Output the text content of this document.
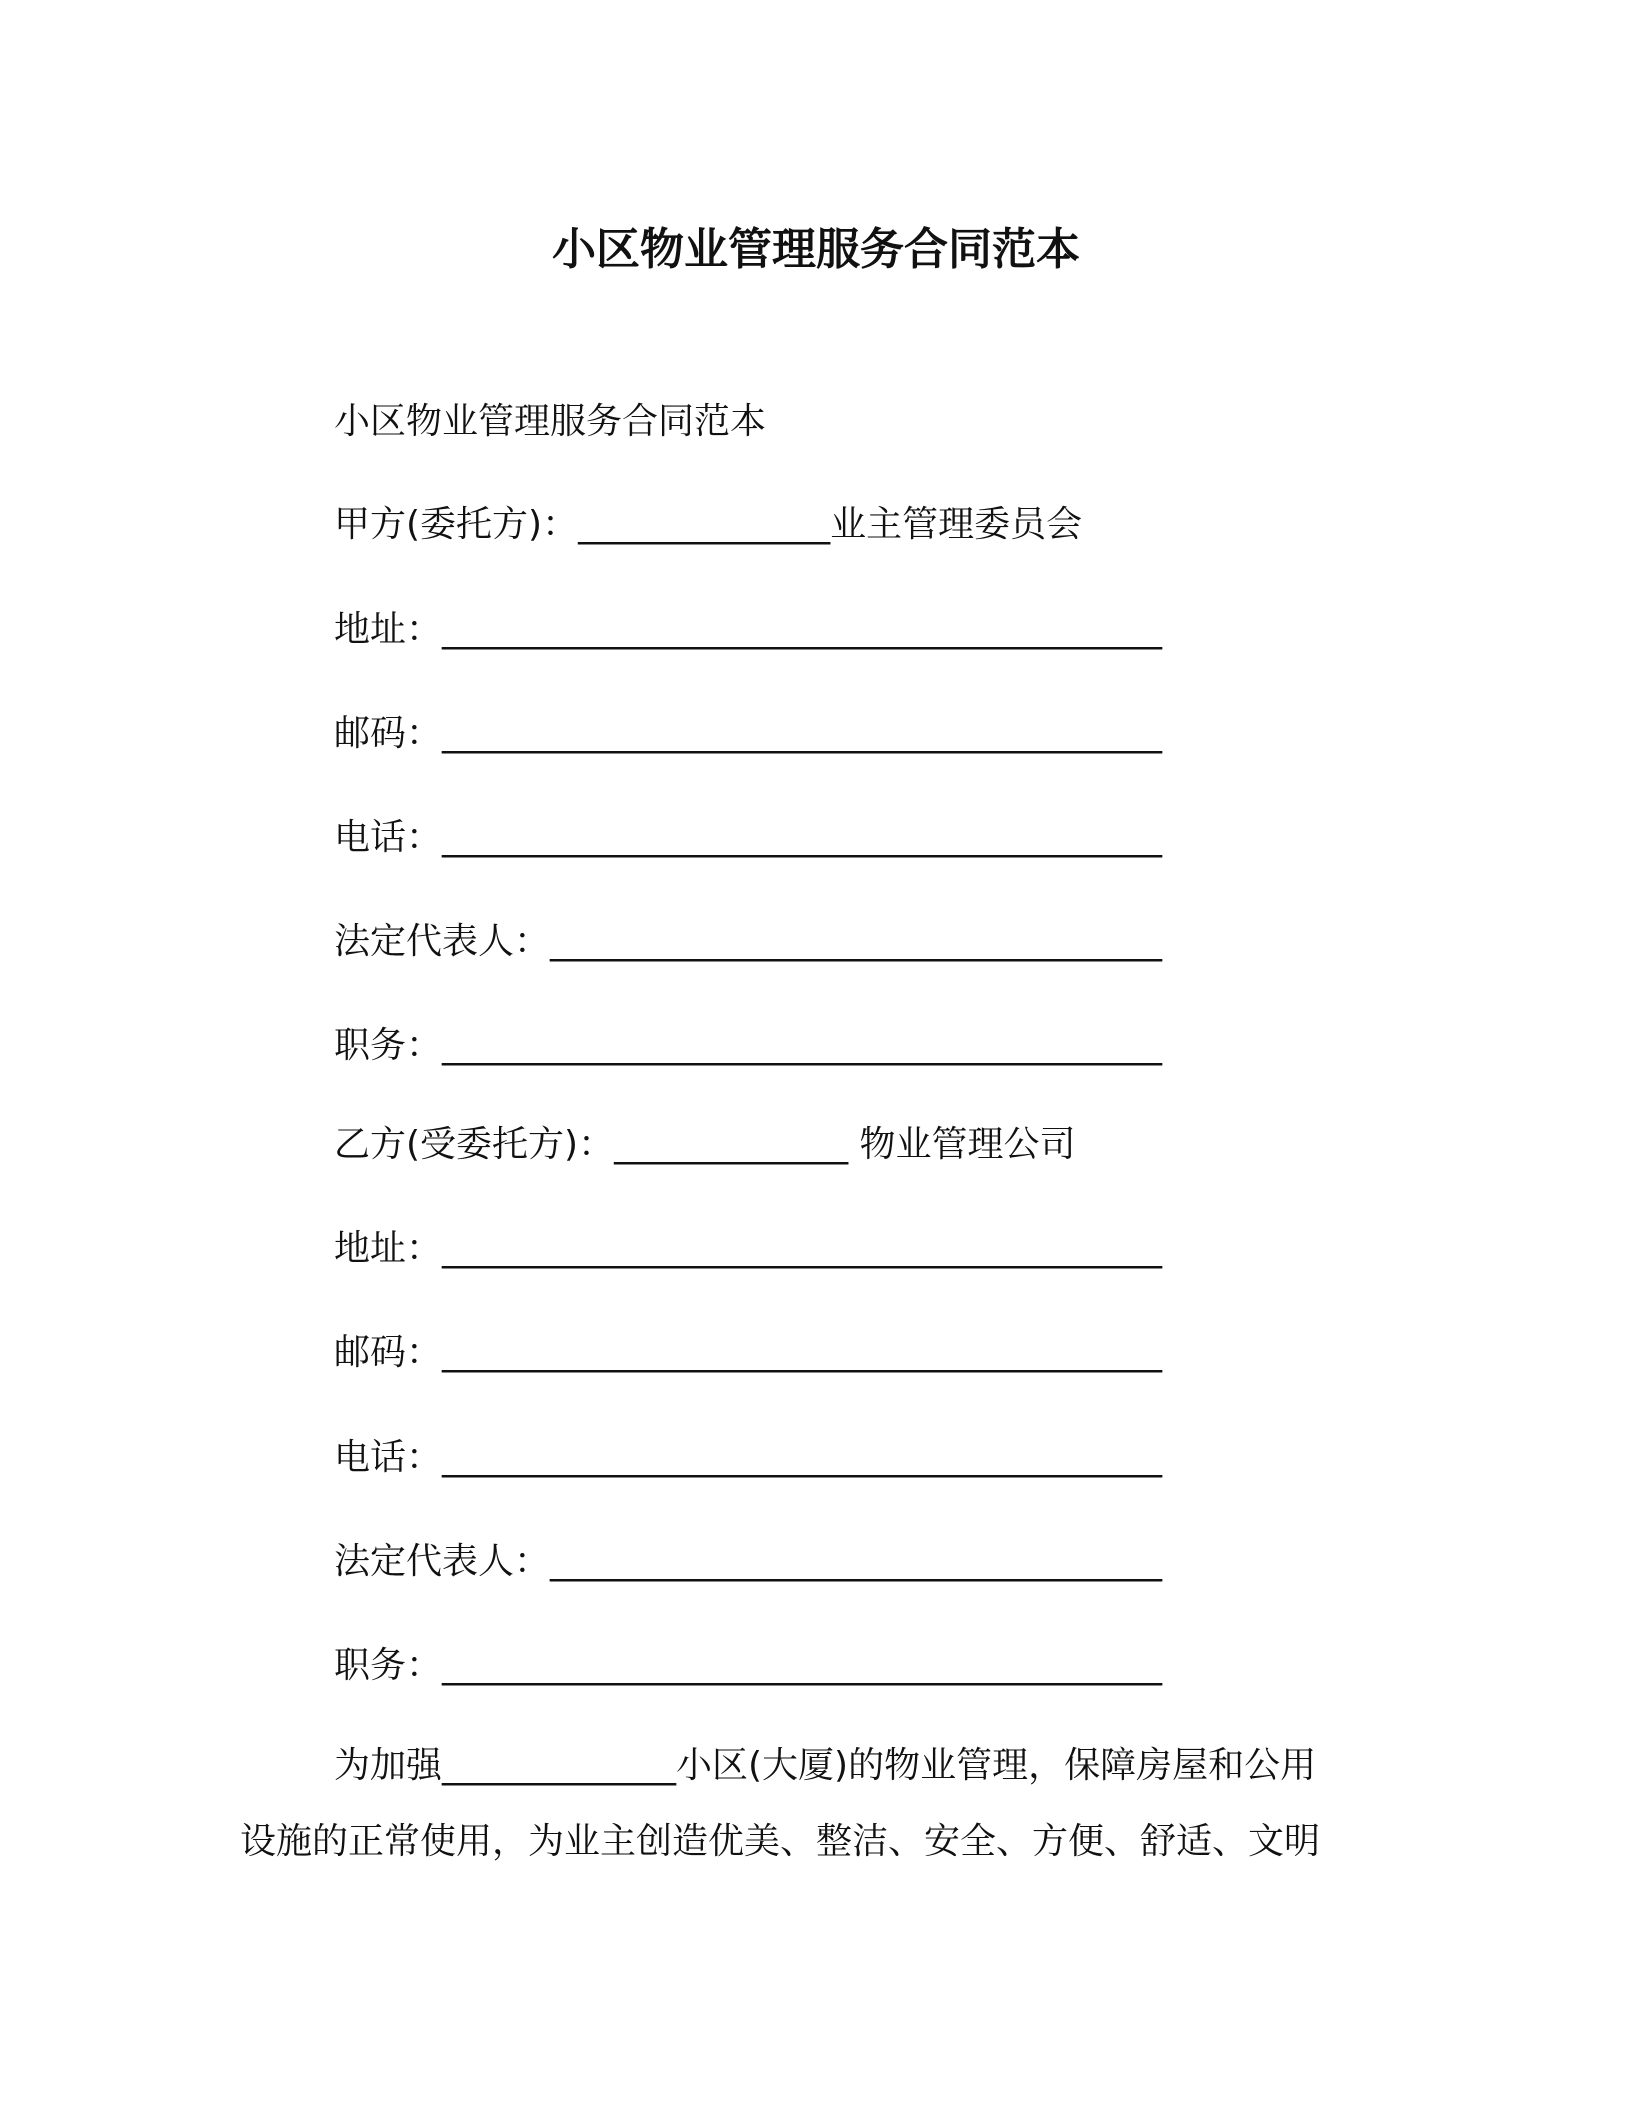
小区物业管理服务合同范本
小区物业管理服务合同范本
甲方(委托方)：______________业主管理委员会
地址：________________________________________
邮码：________________________________________
电话：________________________________________
法定代表人：__________________________________
职务：________________________________________
乙方(受委托方)：_____________ 物业管理公司
地址：________________________________________
邮码：________________________________________
电话：________________________________________
法定代表人：__________________________________
职务：________________________________________
为加强_____________小区(大厦)的物业管理，保障房屋和公用
设施的正常使用，为业主创造优美、整洁、安全、方便、舒适、文明
